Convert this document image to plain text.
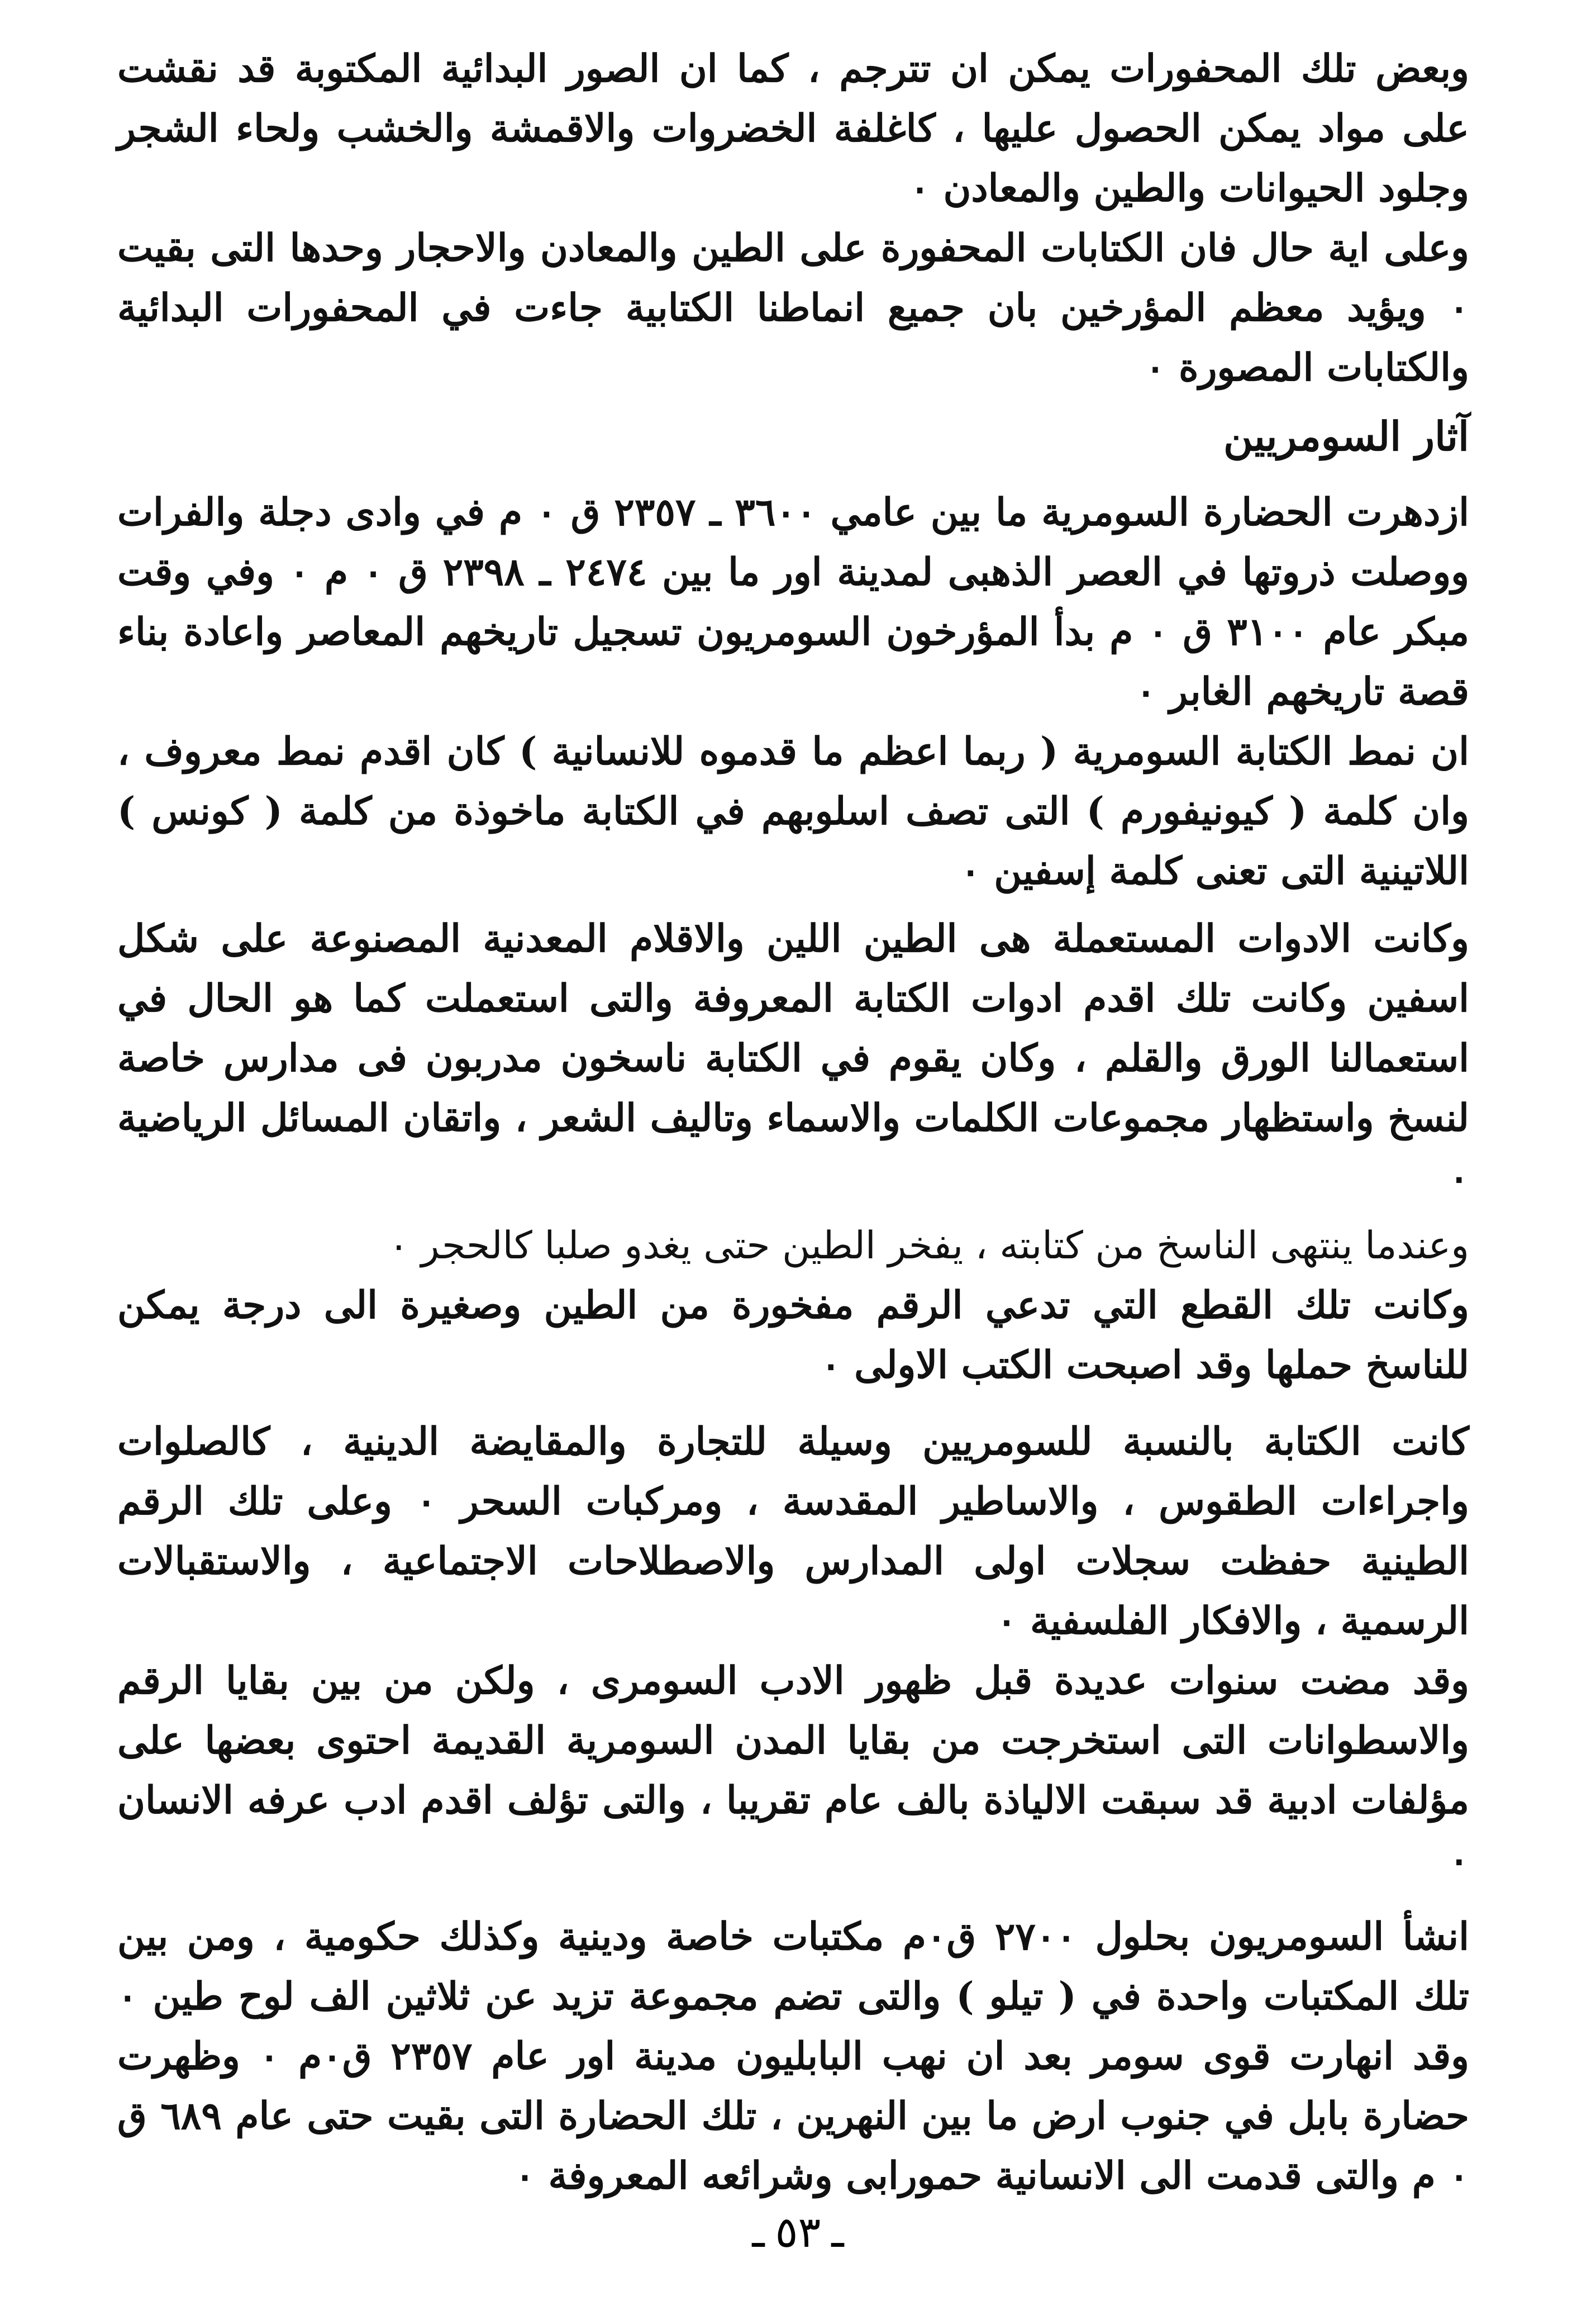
وبعض تلك المحفورات يمكن ان تترجم ، كما ان الصور البدائية المكتوبة قد نقشت على مواد يمكن الحصول عليها ، كاغلفة الخضروات والاقمشة والخشب ولحاء الشجر وجلود الحيوانات والطين والمعادن ٠

وعلى اية حال فان الكتابات المحفورة على الطين والمعادن والاحجار وحدها التى بقيت ٠ ويؤيد معظم المؤرخين بان جميع انماطنا الكتابية جاءت في المحفورات البدائية والكتابات المصورة ٠

آثار السومريين

ازدهرت الحضارة السومرية ما بين عامي ٣٦٠٠ ـ ٢٣٥٧ ق ٠ م في وادى دجلة والفرات ووصلت ذروتها في العصر الذهبى لمدينة اور ما بين ٢٤٧٤ ـ ٢٣٩٨ ق ٠ م ٠ وفي وقت مبكر عام ٣١٠٠ ق ٠ م بدأ المؤرخون السومريون تسجيل تاريخهم المعاصر واعادة بناء قصة تاريخهم الغابر ٠

ان نمط الكتابة السومرية ( ربما اعظم ما قدموه للانسانية ) كان اقدم نمط معروف ، وان كلمة ( كيونيفورم ) التى تصف اسلوبهم في الكتابة ماخوذة من كلمة ( كونس ) اللاتينية التى تعنى كلمة إسفين ٠

وكانت الادوات المستعملة هى الطين اللين والاقلام المعدنية المصنوعة على شكل اسفين وكانت تلك اقدم ادوات الكتابة المعروفة والتى استعملت كما هو الحال في استعمالنا الورق والقلم ، وكان يقوم في الكتابة ناسخون مدربون فى مدارس خاصة لنسخ واستظهار مجموعات الكلمات والاسماء وتاليف الشعر ، واتقان المسائل الرياضية ٠

وعندما ينتهى الناسخ من كتابته ، يفخر الطين حتى يغدو صلبا كالحجر ٠

وكانت تلك القطع التي تدعي الرقم مفخورة من الطين وصغيرة الى درجة يمكن للناسخ حملها وقد اصبحت الكتب الاولى ٠

كانت الكتابة بالنسبة للسومريين وسيلة للتجارة والمقايضة الدينية ، كالصلوات واجراءات الطقوس ، والاساطير المقدسة ، ومركبات السحر ٠ وعلى تلك الرقم الطينية حفظت سجلات اولى المدارس والاصطلاحات الاجتماعية ، والاستقبالات الرسمية ، والافكار الفلسفية ٠

وقد مضت سنوات عديدة قبل ظهور الادب السومرى ، ولكن من بين بقايا الرقم والاسطوانات التى استخرجت من بقايا المدن السومرية القديمة احتوى بعضها على مؤلفات ادبية قد سبقت الالياذة بالف عام تقريبا ، والتى تؤلف اقدم ادب عرفه الانسان ٠

انشأ السومريون بحلول ٢٧٠٠ ق٠م مكتبات خاصة ودينية وكذلك حكومية ، ومن بين تلك المكتبات واحدة في ( تيلو ) والتى تضم مجموعة تزيد عن ثلاثين الف لوح طين ٠ وقد انهارت قوى سومر بعد ان نهب البابليون مدينة اور عام ٢٣٥٧ ق٠م ٠ وظهرت حضارة بابل في جنوب ارض ما بين النهرين ، تلك الحضارة التى بقيت حتى عام ٦٨٩ ق ٠ م والتى قدمت الى الانسانية حمورابى وشرائعه المعروفة ٠

ـ ٥٣ ـ
